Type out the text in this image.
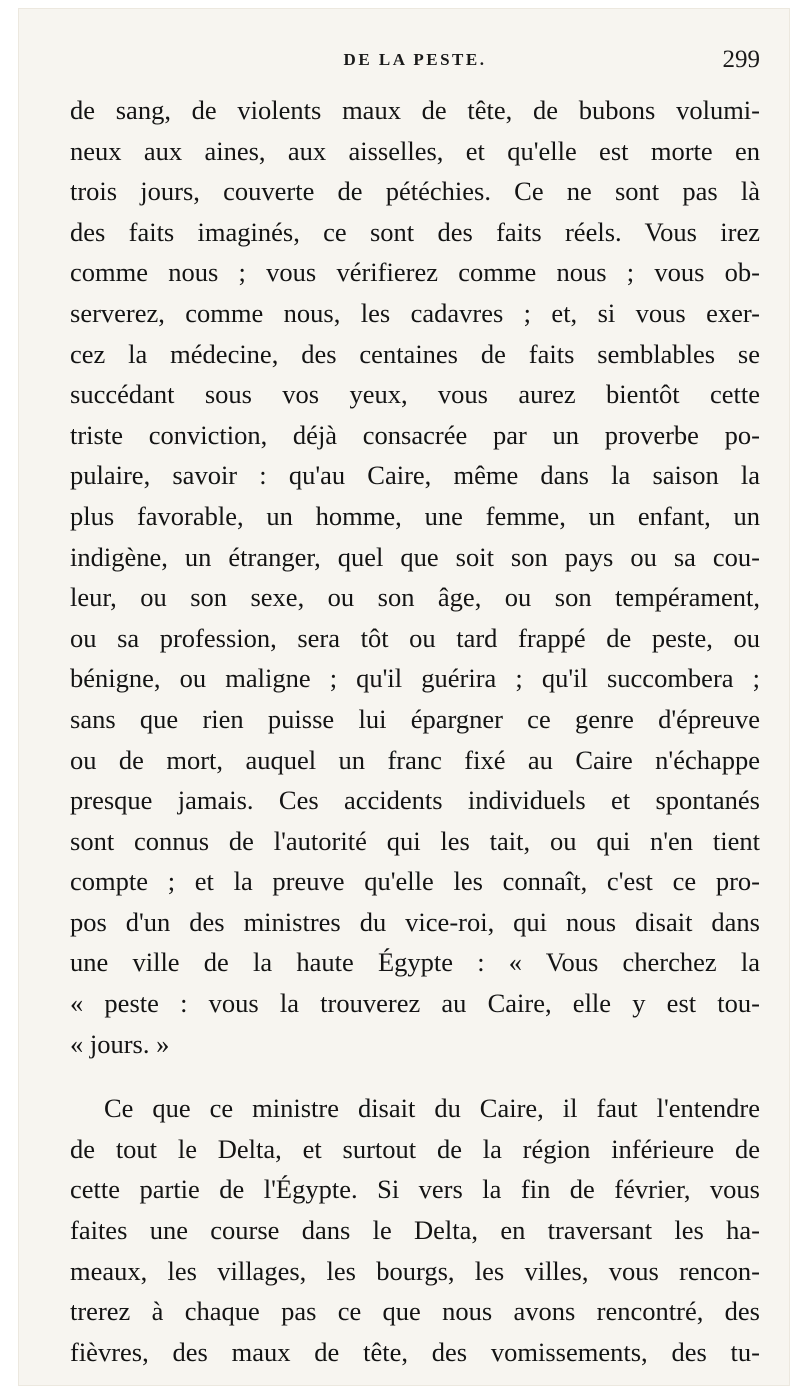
DE LA PESTE.	299
de sang, de violents maux de tête, de bubons volumi-
neux aux aines, aux aisselles, et qu'elle est morte en
trois jours, couverte de pétéchies. Ce ne sont pas là
des faits imaginés, ce sont des faits réels. Vous irez
comme nous ; vous vérifierez comme nous ; vous ob-
serverez, comme nous, les cadavres ; et, si vous exer-
cez la médecine, des centaines de faits semblables se
succédant sous vos yeux, vous aurez bientôt cette
triste conviction, déjà consacrée par un proverbe po-
pulaire, savoir : qu'au Caire, même dans la saison la
plus favorable, un homme, une femme, un enfant, un
indigène, un étranger, quel que soit son pays ou sa cou-
leur, ou son sexe, ou son âge, ou son tempérament,
ou sa profession, sera tôt ou tard frappé de peste, ou
bénigne, ou maligne ; qu'il guérira ; qu'il succombera ;
sans que rien puisse lui épargner ce genre d'épreuve
ou de mort, auquel un franc fixé au Caire n'échappe
presque jamais. Ces accidents individuels et spontanés
sont connus de l'autorité qui les tait, ou qui n'en tient
compte ; et la preuve qu'elle les connaît, c'est ce pro-
pos d'un des ministres du vice-roi, qui nous disait dans
une ville de la haute Égypte : « Vous cherchez la
« peste : vous la trouverez au Caire, elle y est tou-
« jours. »
Ce que ce ministre disait du Caire, il faut l'entendre
de tout le Delta, et surtout de la région inférieure de
cette partie de l'Égypte. Si vers la fin de février, vous
faites une course dans le Delta, en traversant les ha-
meaux, les villages, les bourgs, les villes, vous rencon-
trerez à chaque pas ce que nous avons rencontré, des
fièvres, des maux de tête, des vomissements, des tu-
